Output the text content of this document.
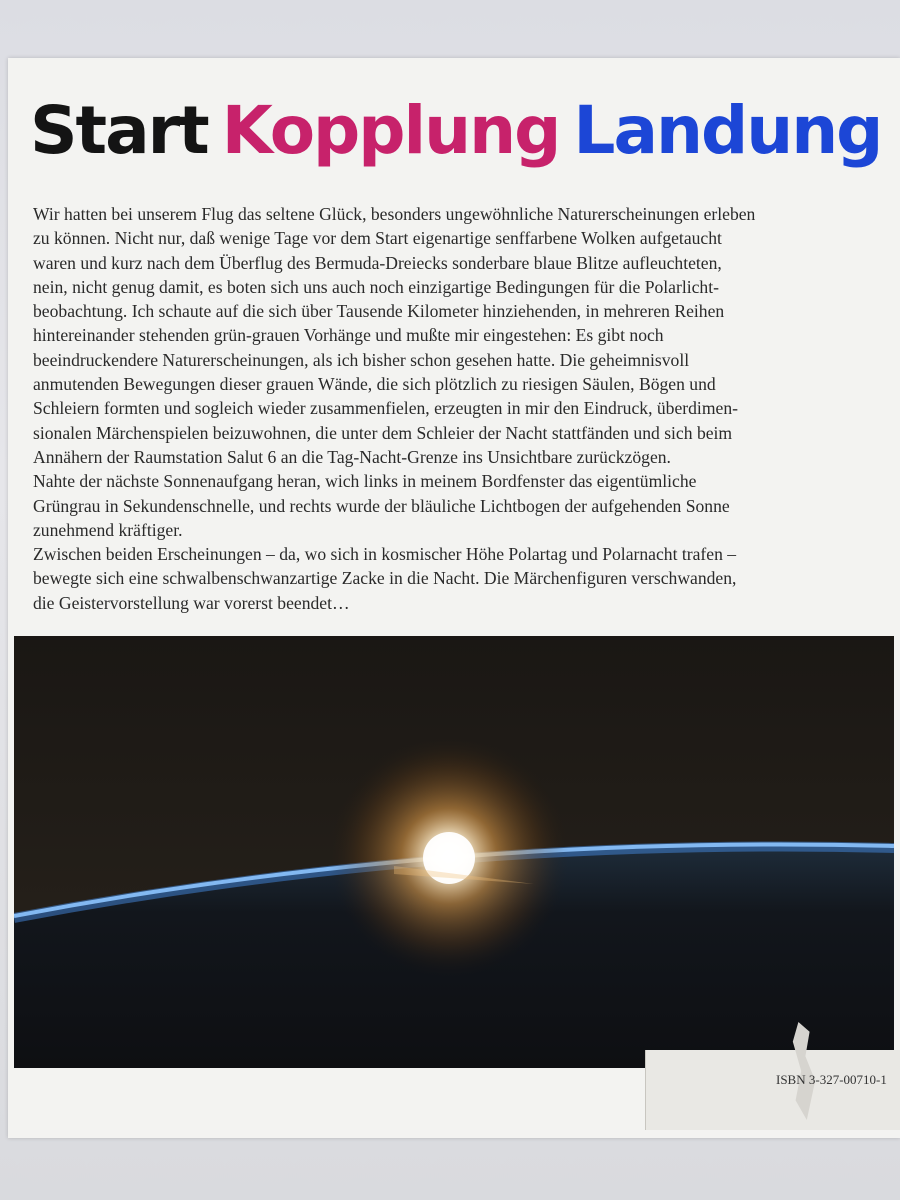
Start Kopplung Landung

Wir hatten bei unserem Flug das seltene Glück, besonders ungewöhnliche Naturerscheinungen erleben

zu können. Nicht nur, daß wenige Tage vor dem Start eigenartige senffarbene Wolken aufgetaucht

waren und kurz nach dem Überflug des Bermuda-Dreiecks sonderbare blaue Blitze aufleuchteten,

nein, nicht genug damit, es boten sich uns auch noch einzigartige Bedingungen für die Polarlicht-

beobachtung. Ich schaute auf die sich über Tausende Kilometer hinziehenden, in mehreren Reihen

hintereinander stehenden grün-grauen Vorhänge und mußte mir eingestehen: Es gibt noch

beeindruckendere Naturerscheinungen, als ich bisher schon gesehen hatte. Die geheimnisvoll

anmutenden Bewegungen dieser grauen Wände, die sich plötzlich zu riesigen Säulen, Bögen und

Schleiern formten und sogleich wieder zusammenfielen, erzeugten in mir den Eindruck, überdimen-

sionalen Märchenspielen beizuwohnen, die unter dem Schleier der Nacht stattfänden und sich beim

Annähern der Raumstation Salut 6 an die Tag-Nacht-Grenze ins Unsichtbare zurückzögen.

Nahte der nächste Sonnenaufgang heran, wich links in meinem Bordfenster das eigentümliche

Grüngrau in Sekundenschnelle, und rechts wurde der bläuliche Lichtbogen der aufgehenden Sonne

zunehmend kräftiger.

Zwischen beiden Erscheinungen – da, wo sich in kosmischer Höhe Polartag und Polarnacht trafen –

bewegte sich eine schwalbenschwanzartige Zacke in die Nacht. Die Märchenfiguren verschwanden,

die Geistervorstellung war vorerst beendet…

ISBN 3-327-00710-1
